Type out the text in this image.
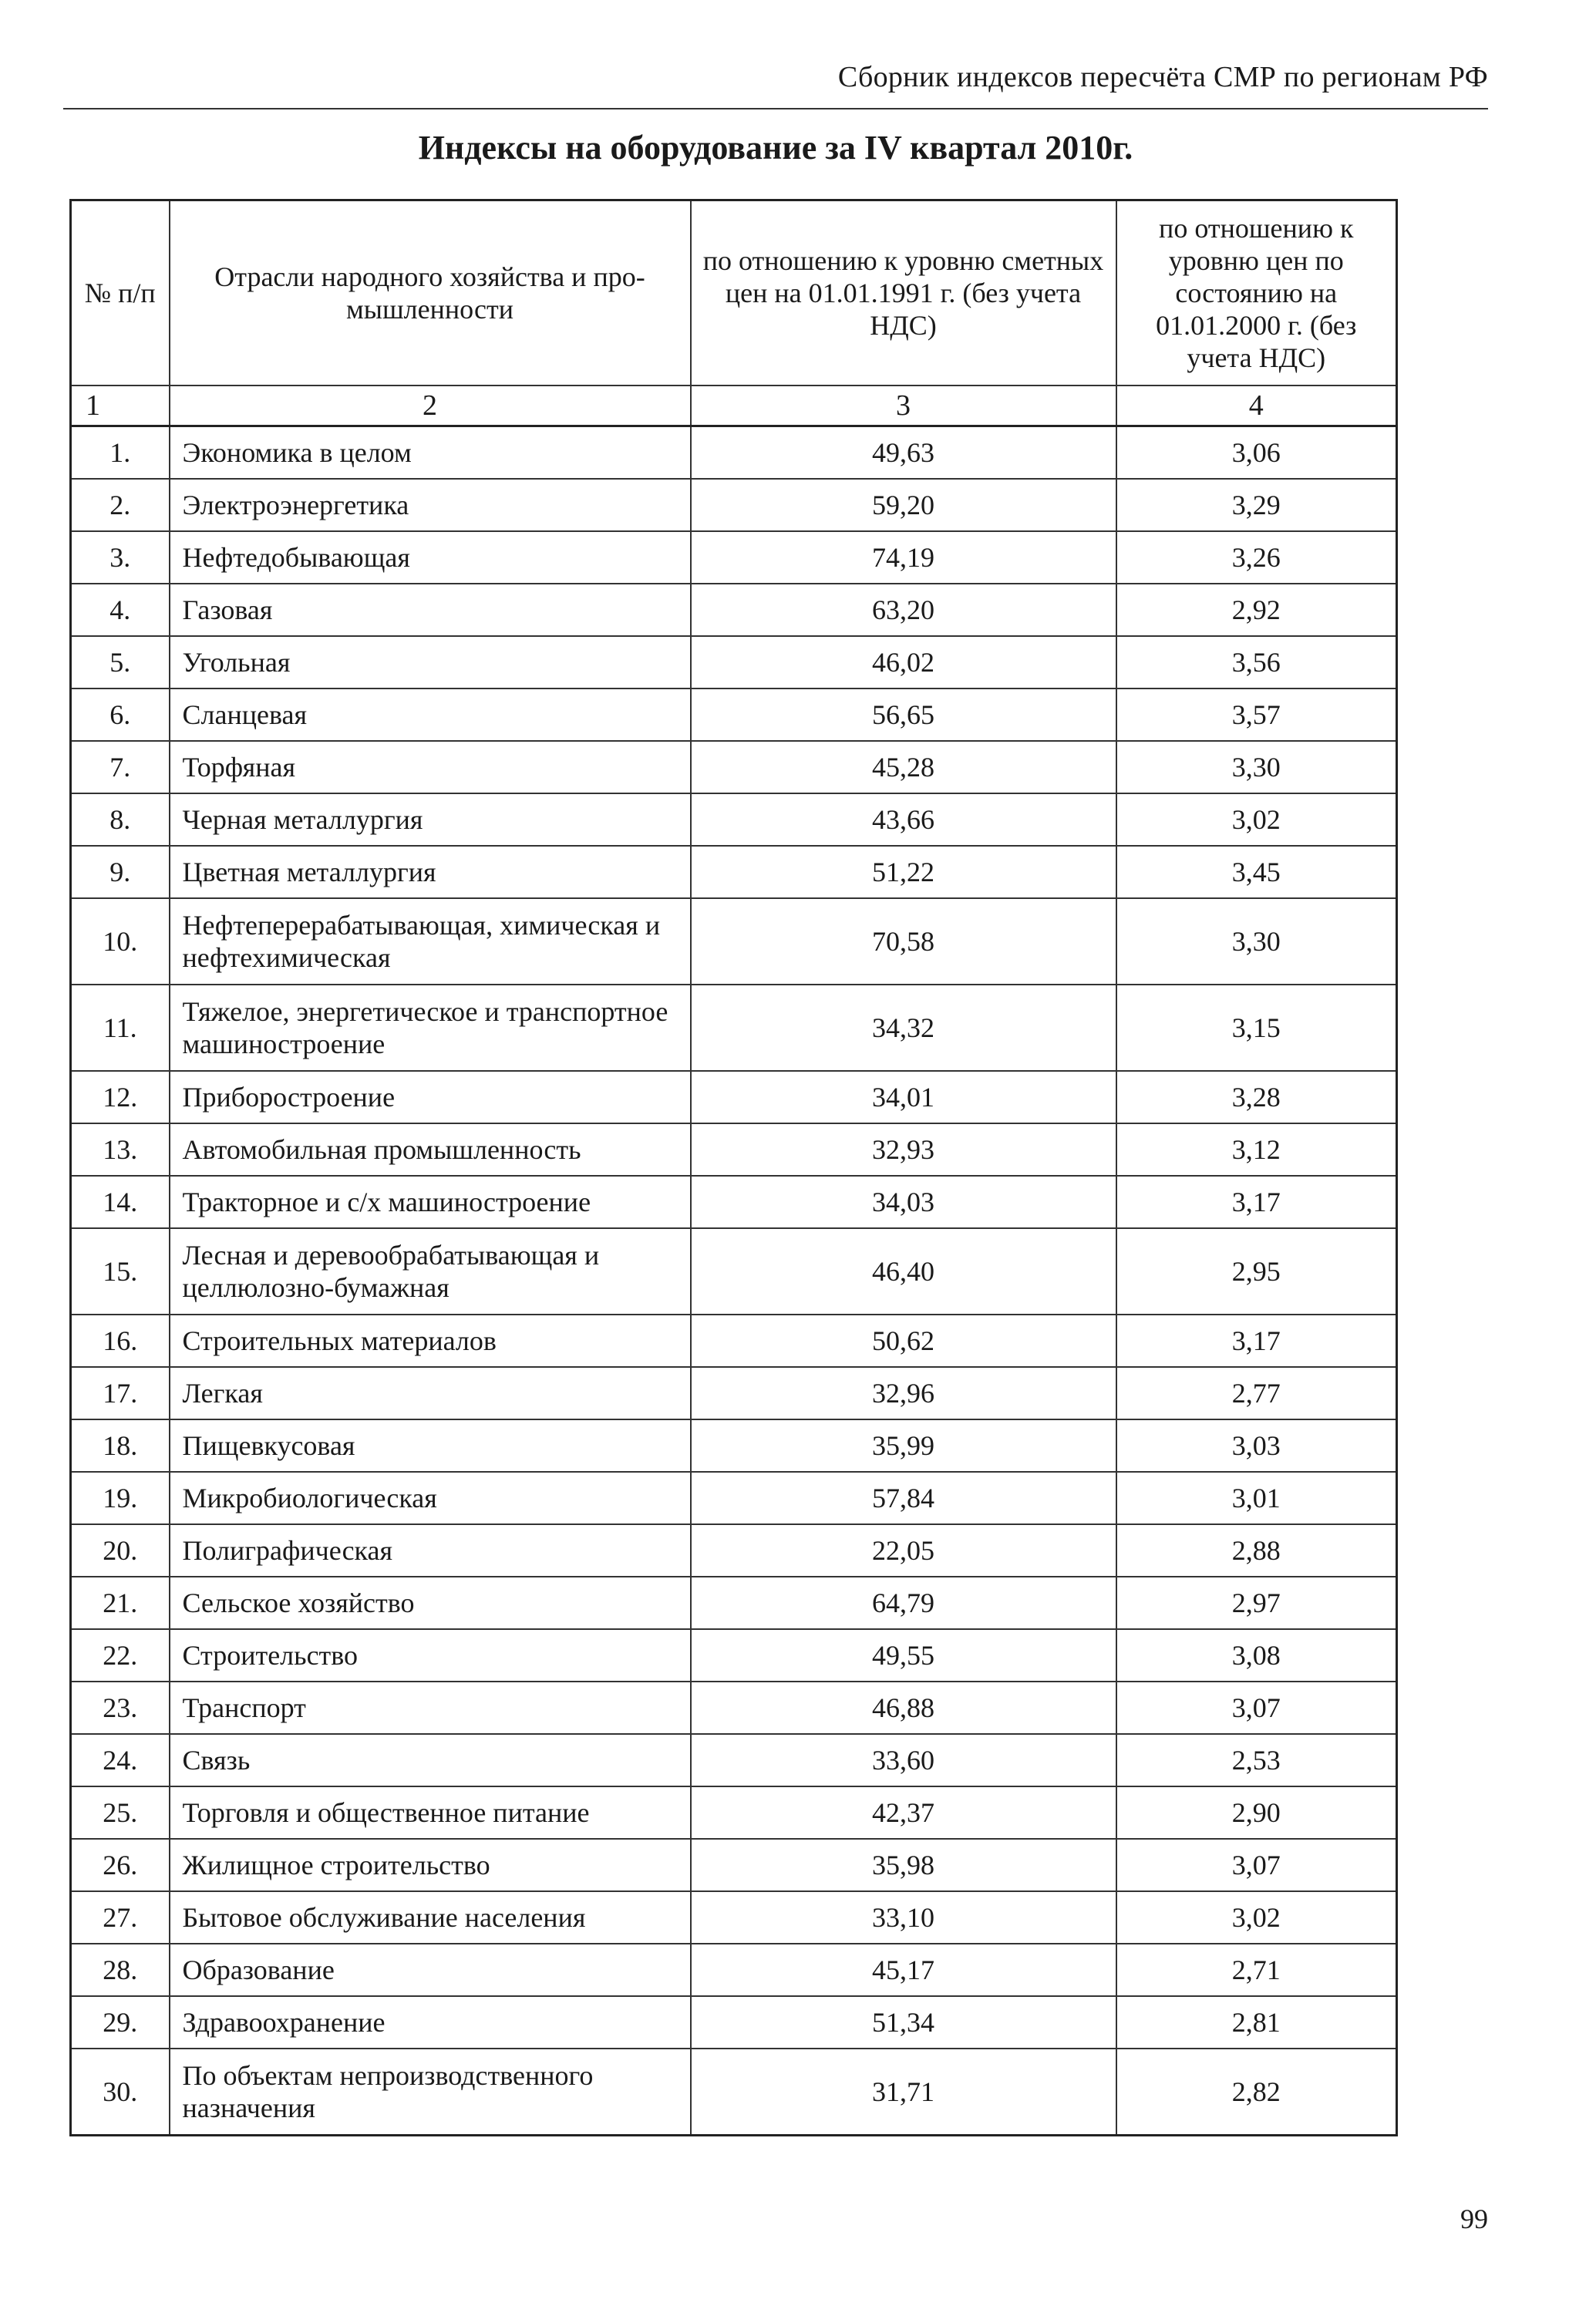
Сборник индексов пересчёта СМР по регионам РФ
Индексы на оборудование за IV квартал 2010г.
№ п/п	Отрасли народного хозяйства и про-мышленности	по отношению к уровню сметных цен на 01.01.1991 г. (без учета НДС)	по отношению к уровню цен по состоянию на 01.01.2000 г. (без учета НДС)
1	2	3	4
1.	Экономика в целом	49,63	3,06
2.	Электроэнергетика	59,20	3,29
3.	Нефтедобывающая	74,19	3,26
4.	Газовая	63,20	2,92
5.	Угольная	46,02	3,56
6.	Сланцевая	56,65	3,57
7.	Торфяная	45,28	3,30
8.	Черная металлургия	43,66	3,02
9.	Цветная металлургия	51,22	3,45
10.	Нефтеперерабатывающая, химическая и нефтехимическая	70,58	3,30
11.	Тяжелое, энергетическое и транспортное машиностроение	34,32	3,15
12.	Приборостроение	34,01	3,28
13.	Автомобильная промышленность	32,93	3,12
14.	Тракторное и с/х машиностроение	34,03	3,17
15.	Лесная и деревообрабатывающая и целлюлозно-бумажная	46,40	2,95
16.	Строительных материалов	50,62	3,17
17.	Легкая	32,96	2,77
18.	Пищевкусовая	35,99	3,03
19.	Микробиологическая	57,84	3,01
20.	Полиграфическая	22,05	2,88
21.	Сельское хозяйство	64,79	2,97
22.	Строительство	49,55	3,08
23.	Транспорт	46,88	3,07
24.	Связь	33,60	2,53
25.	Торговля и общественное питание	42,37	2,90
26.	Жилищное строительство	35,98	3,07
27.	Бытовое обслуживание населения	33,10	3,02
28.	Образование	45,17	2,71
29.	Здравоохранение	51,34	2,81
30.	По объектам непроизводственного назначения	31,71	2,82
99
